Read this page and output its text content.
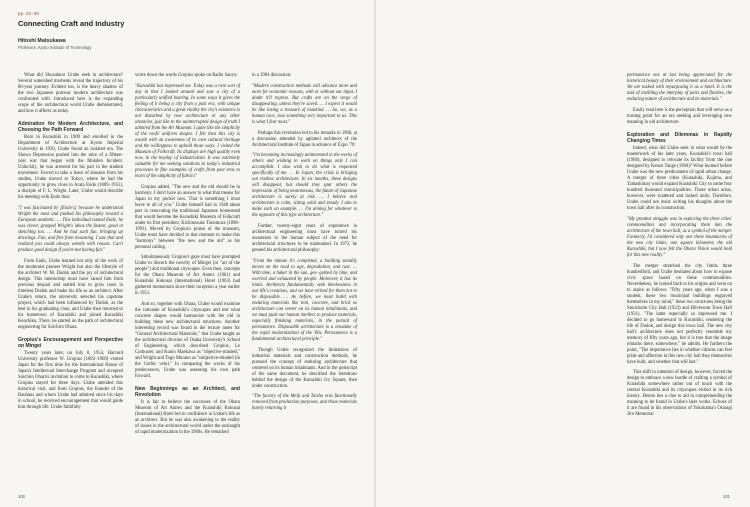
pp. 22–38
Connecting Craft and Industry
Hitoshi Matsukawa
Professor, Kyoto Institute of Technology

What did Shozaburo Urabe seek in architecture? Several watershed moments reveal the trajectory of his 80-year journey. Evident too, is the heavy shadow of the two Japanese postwar modern architecture was confronted with. Introduced here is the expanding scope of the architectural world Urabe demonstrated, and how it affects us today.

Admiration for Modern Architecture, and Choosing the Path Forward

Born in Kurashiki in 1909 and enrolled in the Department of Architecture at Kyoto Imperial University in 1930, Urabe found an isolated era. The Showa Depression pushed into the mire of a fifteen-year war that began with the Mukden Incident. Unluckily, he was arrested for his part in the student movement. Forced to take a leave of absence from his studies, Urabe moved to Tokyo, where he had the opportunity to grow close to Arata Endo (1889–1951), a disciple of F. L. Wright. Later, Urabe would describe his meeting with Endo thus:

"I was fascinated by [Endo's] because he understood Wright the most and pushed his philosophy toward a European aesthetic. … This individual named Endo, he was clever, grasped Wright's ideas the fastest, good at sketching too. … And he had such fun, bringing up drawings. Fun, and free from reasoning. I saw that and realized you could always wrestle with reason. Can't produce good design if you're not having fun."

From Endo, Urabe learned not only of the work of the modernist pioneer Wright but also the lifestyle of the architect W. M. Dudok and the joy of architectural design. This mentorship must have raised him from previous despair and settled him to grow roots in timeless Dudok and make his life as an architect. After Urabe's return, the university selected his capstone project, which had been influenced by Dudok, as the best in his graduating class, and Urabe then returned to his hometown of Kurashiki and joined Kurashiki Kenchiku. There, he started on the path of architectural engineering for Soichiro Ohara.

Gropius's Encouragement and Perspective on Mingei

Twenty years later, on July 8, 1954, Harvard University professor W. Gropius (1883–1969) visited Japan for the first time for the International House of Japan's Intellectual Interchange Program and accepted Soichiro Ohara's invitation to come to Kurashiki, where Gropius stayed for three days. Urabe attended this historical visit, and from Gropius, the founder of the Bauhaus and whom Urabe had admired since his days in school, he received encouragement that would guide him through life. Urabe faithfully

wrote down the words Gropius spoke on Radio Sanyo:

"Kurashiki has impressed me. Today was a rare sort of day in that I looked around and saw a city of a particularly unified bearing. In some ways it gives the feeling of it being a city from a past era, with unique characteristics and a great vitality the city's existence is not disturbed by new architecture or any other obstacles, just like to the uninterrupted design of truth I admired from the Art Museum. I quite like the simplicity of the roofs' uniform shapes. I felt then this city is awash with an awareness of its own cultural heritage and the willingness to uphold those ways. I visited the Museum of Folkcraft. Its displays are high quality even now, in the heyday of industrialism. It was extremely valuable for me seeking solutions to today's industrial processes in fine examples of crafts from past eras to learn of the simplicity of fabrics"

Gropius added, "The new and the old should be in harmony. I don't have an answer to what that means for Japan in my pocket now. That is something I must leave to all of you." Urabe himself had in 1948 taken part in renovating the traditional Japanese homestead that would become the Kurashiki Museum of Folkcraft under its first president, Kichinosuke Tonomura (1898–1993). Moved by Gropius's praise of the museum, Urabe must have decided in that moment to make this "harmony" between "the new and the old" as his personal calling.

Simultaneously Gropius's gaze must have prompted Urabe to discern the novelty of Mingei (or "art of the people") and traditional cityscapes. Even then, concepts for the Ohara Museum of Art Annex (1961) and Kurashiki Kokusai (International) Hotel (1963) had gathered momentum since their inception a year earlier in 1951.

And so, together with Ohara, Urabe would examine the rationale of Kurashiki's cityscapes and test what concrete shapes would harmonize with the old in building these new architectural structures. Another interesting record was found in the lecture notes for "General Architectural Materials," that Urabe taught as the architectural division of Osaka University's School of Engineering, which described Gropius, Le Corbusier, and Kunio Maekawa as "objective-minded," and Wright and Togo Murano as "subjective-minded (in the Gothic vein)." In comparing the works of his predecessors, Urabe was assessing his own path forward.

New Beginnings as an Architect, and Revolution

It is fair to believe the successes of the Ohara Museum of Art Annex and the Kurashiki Kokusai (International) Hotel led to confidence in Urabe's life as an architect. But he was also awakening to the reality of losses in the architectural world under the onslaught of rapid modernization in the 1960s. He remarked

in a 1984 discussion:

"Modern construction methods will advance more and more for economic reasons, with or without our input. I doubt it'll regress. But crafts are on the verge of disappearing, unless they're saved. … I expect it would be like losing a treasure of mankind. … So, we, as a human race, lose something very important to us. This is what I fear most."

Perhaps this revelation led to his remarks in 1968, at a discussion attended by agitated architects of the Architectural Institute of Japan in advance of Expo '70:

"I'm becoming increasingly uninterested in the works of others and wishing to work on things only I can accomplish. I also wish to do what is requested specifically of me. … In Japan, the crisis is bringing out restless architecture. In six months, these designs will disappear, but should they spur others the impression of being monotonous, the future of Japanese architecture is surely at risk. … I believe real architecture is calm, sitting solid and steady. I aim to make such an example. … I'm aiming for whatever is the opposite of this type architecture."

Further, twenty-eight years of experience in architectural engineering must have turned his awareness to the human subject of the need for architectural structures to be maintained. In 1973, he penned his architectural philosophy:

"From the minute it's completed, a building steadily moves on the road to age, degradation, and rust. … With time, a baker in the sun, ges- gothed by time, and worried and exhausted by people. Moreover, it has its limits. Architects fundamentally seek timelessness in our life's creations, and we have strived for them not to be disposable. … As before, we must build with enduring materials like iron, concrete, and brick so architecture can center on its human inhabitants, and we must push our human intellect to produce materials, especially finishing materials, in the pursuit of permanence. Disposable architecture is a misstake of the rapid modernization of the '60s. Permanence is a fundamental architectural principle."

Though Urabe recognized the limitations of industrial materials and construction methods, he pursued the concept of enduring architecture that centered on its human inhabitants. And in the postscript of the same document, he described the intentions behind the design of the Kurashiki Ivy Square, then under construction.

"The factory of the Meiji and Taisho eras functionally removed from production purposes, and those materials barely returning it

100

permanence one at last being appreciated for the historical beauty of their environment and architecture. We are tasked with repurposing it as a hotel. It is the task of instilling the interplay of parts and finishes, the enduring nature of architecture and its materials."

Easily read here is the perception that will serve as a turning point for an era seeking and leveraging new meaning in old architecture.

Exploration and Dilemmas in Rapidly Changing Times

Indeed, what did Urabe seek in what would be the masterwork of his later years, Kurashiki's town hall (1980), designed to relocate its facility from the one designed by Kenzo Tange (1960)? What loomed before Urabe was the new predicament of rapid urban change. A merger of three cities (Kurashiki, Kojima, and Tamashima) would expand Kurashiki City to some four hundred thousand municipalities. These urban areas, however, were scattered and lacked unity. Therefore, Urabe could not resist writing his thoughts about the town hall after its construction.

"My greatest struggle was in exploring the three cities' commonalities and incorporating them into the architecture of the town hall, as a symbol of the merger. Formerly, I'd considered only one these boundaries of the new city limits, one square kilometer, the old Kurashiki, but I now felt the Ohara Vision would hold for this new reality."

The merger stretched the city limits three hundredfold, and Urabe hesitated about how to expose civic space based on these commonalities. Nevertheless, he looked back to his origins and went on to aspire as follows: "Fifty years ago, when I was a student, these two municipal buildings engraved themselves in my mind," these two structures being the Stockholm City Hall (1923) and Hilversum Town Hall (1931). "The latter especially so impressed me. I decided to go homeward to Kurashiki, rendering the life of Dudok, and design this town hall. The new city hall's architecture does not perfectly resemble my memory of fifty years ago, but it is true that the image remains there, somewhere," he admits. He furthers the point, "The importance lies in whether citizens can feel pride and affection in this new city hall they themselves have built, and whether that will last."

This shift in intention of design, however, forced the design to embrace a new hurdle of crafting a symbol of Kurashiki somewhere rather out of touch with the central Kurashiki and its cityscapes etched in its rich history. Herein lies a clue to aid in comprehending the meaning to be found in Urabe's later works. Echoes of it are found in his observations of Yokohama's Osaragi Jiro Memorial

101
